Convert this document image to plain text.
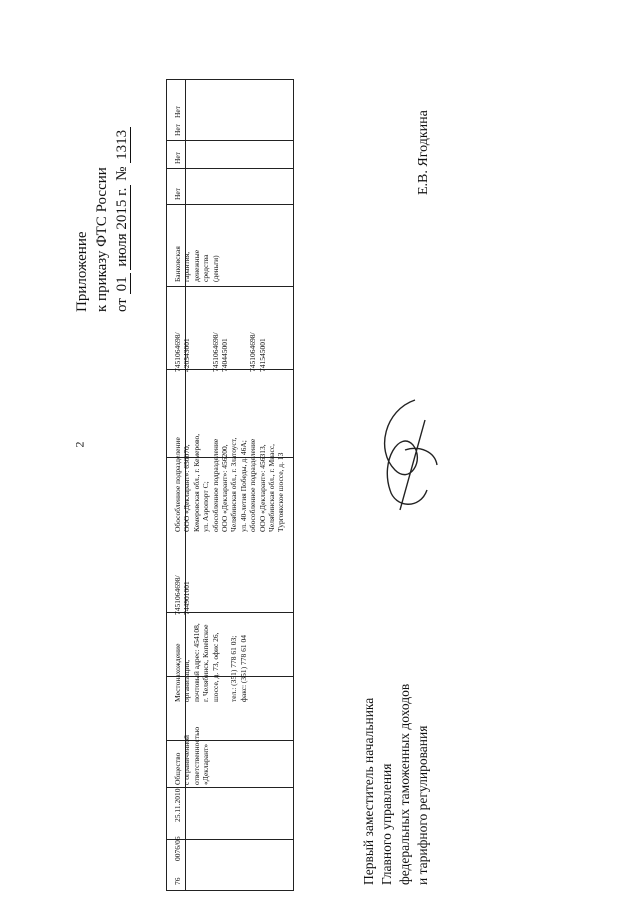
2
Приложение к приказу ФТС России от 01 июля 2015 г. № 1313
76
0076/06
25.11.2010
Общество с ограниченной ответственностью «Декларант»
Местонахождение организации, почтовый адрес: 454108, г. Челябинск, Копейское шоссе, д. 73, офис 26,
тел.: (351) 778 61 03; факс: (351) 778 61 04
7451064698/ 744901001
Обособленное подразделение ООО «Декларант»: 650070, Кемеровская обл., г. Кемерово, ул. Аэропорт С; обособленное подразделение ООО «Декларант»: 456200, Челябинская обл., г. Златоуст, ул. 40-летия Победы, д. 46А; обособленное подразделение ООО «Декларант»: 456313, Челябинская обл., г. Миасс, Тургоякское шоссе, д. 13
7451064698/ 420543001

	7451064698/ 740445001

	7451064698/ 741545001
Банковская гарантия, денежные средства (деньги)
Нет
Нет
Нет
Нет
Первый заместитель начальника Главного управления федеральных таможенных доходов и тарифного регулирования
Е.В. Ягодкина
